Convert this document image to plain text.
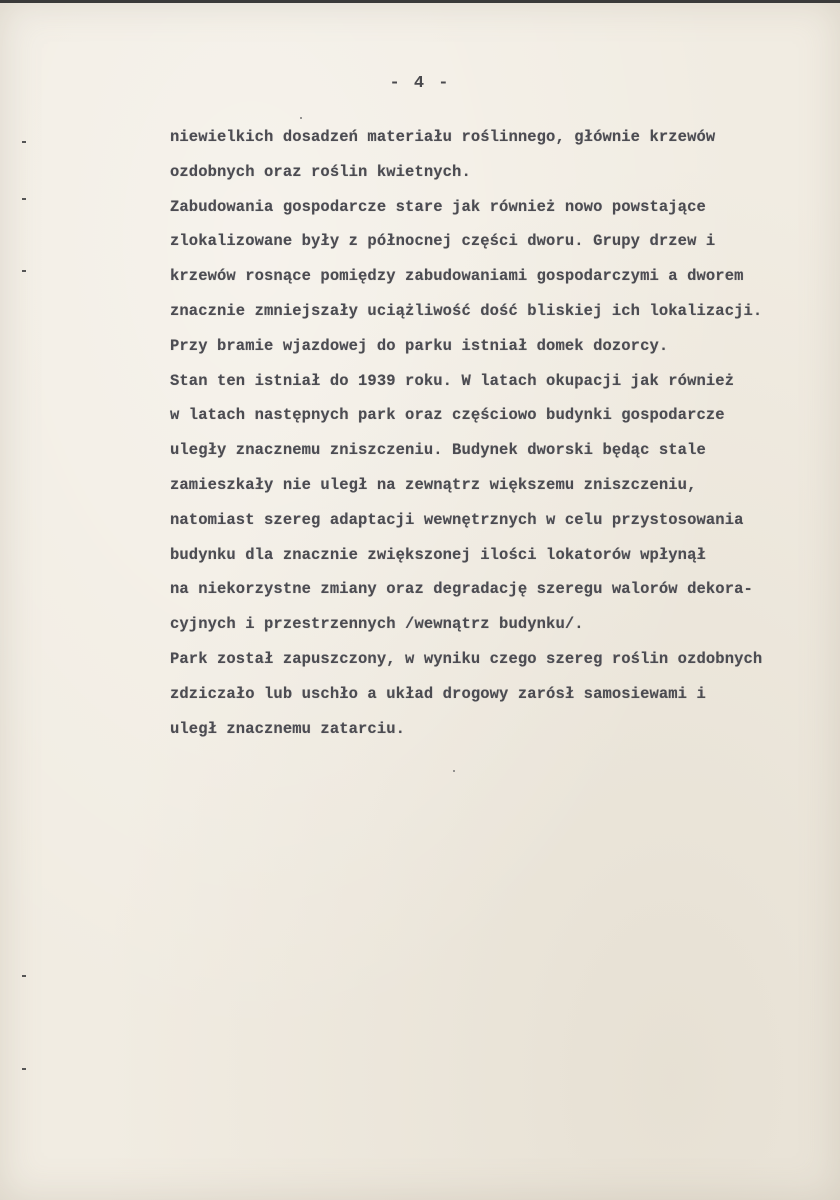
- 4 -
niewielkich dosadzeń materiału roślinnego, głównie krzewów
ozdobnych oraz roślin kwietnych.
Zabudowania gospodarcze stare jak również nowo powstające
zlokalizowane były z północnej części dworu. Grupy drzew i
krzewów rosnące pomiędzy zabudowaniami gospodarczymi a dworem
znacznie zmniejszały uciążliwość dość bliskiej ich lokalizacji.
Przy bramie wjazdowej do parku istniał domek dozorcy.
Stan ten istniał do 1939 roku. W latach okupacji jak również
w latach następnych park oraz częściowo budynki gospodarcze
uległy znacznemu zniszczeniu. Budynek dworski będąc stale
zamieszkały nie uległ na zewnątrz większemu zniszczeniu,
natomiast szereg adaptacji wewnętrznych w celu przystosowania
budynku dla znacznie zwiększonej ilości lokatorów wpłynął
na niekorzystne zmiany oraz degradację szeregu walorów dekora-
cyjnych i przestrzennych /wewnątrz budynku/.
Park został zapuszczony, w wyniku czego szereg roślin ozdobnych
zdziczało lub uschło a układ drogowy zarósł samosiewami i
uległ znacznemu zatarciu.
